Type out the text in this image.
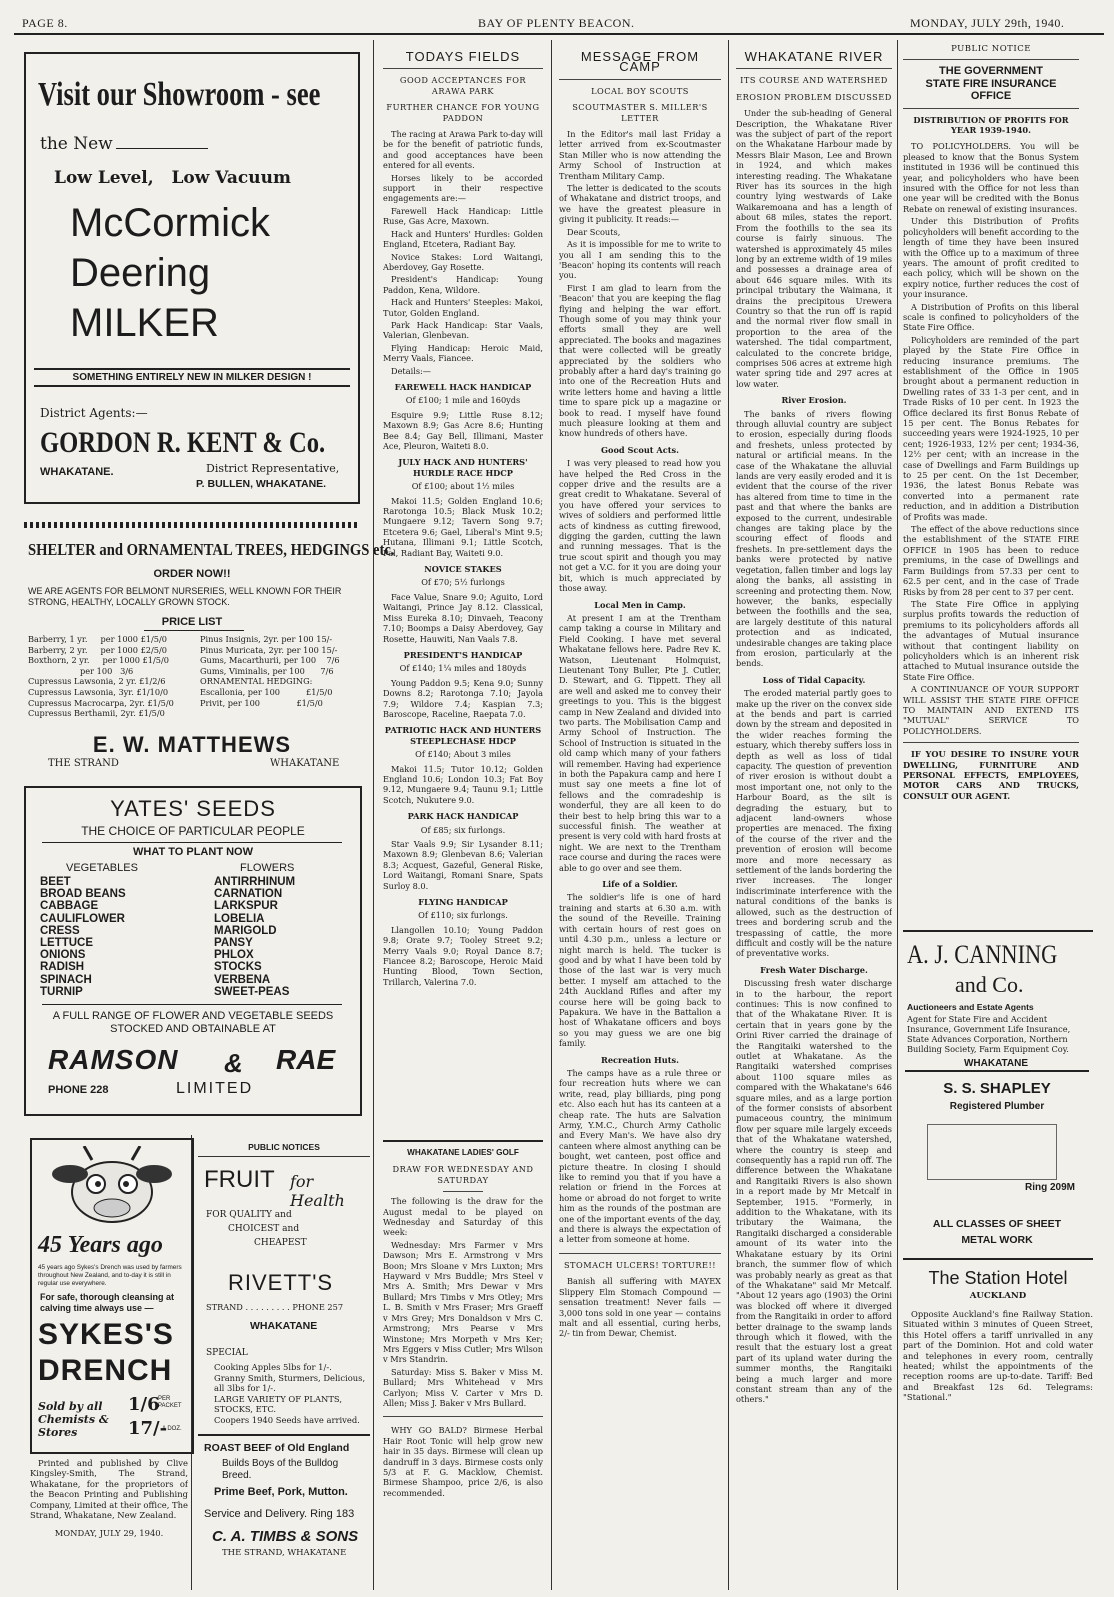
PAGE 8.	BAY OF PLENTY BEACON.	MONDAY, JULY 29th, 1940.
Visit our Showroom - see
the New
Low Level,   Low Vacuum
McCormick
Deering
MILKER
SOMETHING ENTIRELY NEW IN MILKER DESIGN !
District Agents:—
GORDON R. KENT & Co.
WHAKATANE.	District Representative,
P. BULLEN, WHAKATANE.
SHELTER and ORNAMENTAL TREES, HEDGINGS etc.
ORDER NOW!!
WE ARE AGENTS FOR BELMONT NURSERIES, WELL KNOWN FOR THEIR STRONG, HEALTHY, LOCALLY GROWN STOCK.
PRICE LIST
Barberry, 1 yr.     per 1000 £1/5/0
Barberry, 2 yr.     per 1000 £2/5/0
Boxthorn, 2 yr.     per 1000 £1/5/0
per 100   3/6
Cupressus Lawsonia, 2 yr. £1/2/6
Cupressus Lawsonia, 3yr. £1/10/0
Cupressus Macrocarpa, 2yr. £1/5/0
Cupressus Berthamii, 2yr. £1/5/0
Pinus Insignis, 2yr. per 100 15/-
Pinus Muricata, 2yr. per 100 15/-
Gums, Macarthurii, per 100    7/6
Gums, Viminalis, per 100      7/6
ORNAMENTAL HEDGING:
Escallonia, per 100          £1/5/0
Privit, per 100              £1/5/0
E. W. MATTHEWS
THE STRAND	WHAKATANE
YATES' SEEDS
THE CHOICE OF PARTICULAR PEOPLE
WHAT TO PLANT NOW
VEGETABLES	FLOWERS
BEET
BROAD BEANS
CABBAGE
CAULIFLOWER
CRESS
LETTUCE
ONIONS
RADISH
SPINACH
TURNIP
ANTIRRHINUM
CARNATION
LARKSPUR
LOBELIA
MARIGOLD
PANSY
PHLOX
STOCKS
VERBENA
SWEET-PEAS
A FULL RANGE OF FLOWER AND VEGETABLE SEEDS STOCKED AND OBTAINABLE AT
RAMSON & RAE
PHONE 228	LIMITED
45 Years ago
45 years ago Sykes's Drench was used by farmers throughout New Zealand, and to-day it is still in regular use everywhere.
For safe, thorough cleansing at calving time always use —
SYKES'S
DRENCH
Sold by all Chemists & Stores
1/6
PER PACKET
17/-
A DOZ.

Printed and published by Clive Kingsley-Smith, The Strand, Whakatane, for the proprietors of the Beacon Printing and Publishing Company, Limited at their office, The Strand, Whakatane, New Zealand.

MONDAY, JULY 29, 1940.
PUBLIC NOTICES
FRUIT for Health
FOR QUALITY and
CHOICEST and
CHEAPEST
RIVETT'S
STRAND . . . . . . . . . PHONE 257
WHAKATANE
SPECIAL
Cooking Apples 5lbs for 1/-.
Granny Smith, Sturmers, Delicious, all 3lbs for 1/-.
LARGE VARIETY OF PLANTS, STOCKS, ETC.
Coopers 1940 Seeds have arrived.
ROAST BEEF of Old England
Builds Boys of the Bulldog Breed.
Prime Beef, Pork, Mutton.
Service and Delivery. Ring 183
C. A. TIMBS & SONS
THE STRAND, WHAKATANE
TODAYS FIELDS
GOOD ACCEPTANCES FOR ARAWA PARK
FURTHER CHANCE FOR YOUNG PADDON

The racing at Arawa Park to-day will be for the benefit of patriotic funds, and good acceptances have been entered for all events.

Horses likely to be accorded support in their respective engagements are:—

Farewell Hack Handicap: Little Ruse, Gas Acre, Maxown.

Hack and Hunters' Hurdles: Golden England, Etcetera, Radiant Bay.

Novice Stakes: Lord Waitangi, Aberdovey, Gay Rosette.

President's Handicap: Young Paddon, Kena, Wildore.

Hack and Hunters' Steeples: Makoi, Tutor, Golden England.

Park Hack Handicap: Star Vaals, Valerian, Glenbevan.

Flying Handicap: Heroic Maid, Merry Vaals, Fiancee.

Details:—

FAREWELL HACK HANDICAP

Of £100; 1 mile and 160yds

Esquire 9.9; Little Ruse 8.12; Maxown 8.9; Gas Acre 8.6; Hunting Bee 8.4; Gay Bell, Illimani, Master Ace, Pleuron, Waiteti 8.0.

JULY HACK AND HUNTERS' HURDLE RACE HDCP

Of £100; about 1½ miles

Makoi 11.5; Golden England 10.6; Rarotonga 10.5; Black Musk 10.2; Mungaere 9.12; Tavern Song 9.7; Etcetera 9.6; Gael, Liberal's Mint 9.5; Hutana, Illimani 9.1; Little Scotch, Pal, Radiant Bay, Waiteti 9.0.

NOVICE STAKES

Of £70; 5½ furlongs

Face Value, Snare 9.0; Aguito, Lord Waitangi, Prince Jay 8.12. Classical, Miss Eureka 8.10; Dinvaeh, Teacony 7.10; Boomps a Daisy Aberdovey, Gay Rosette, Hauwiti, Nan Vaals 7.8.

PRESIDENT'S HANDICAP

Of £140; 1¼ miles and 180yds

Young Paddon 9.5; Kena 9.0; Sunny Downs 8.2; Rarotonga 7.10; Jayola 7.9; Wildore 7.4; Kaspian 7.3; Baroscope, Raceline, Raepata 7.0.

PATRIOTIC HACK AND HUNTERS STEEPLECHASE HDCP

Of £140; About 3 miles

Makoi 11.5; Tutor 10.12; Golden England 10.6; London 10.3; Fat Boy 9.12, Mungaere 9.4; Taunu 9.1; Little Scotch, Nukutere 9.0.

PARK HACK HANDICAP

Of £85; six furlongs.

Star Vaals 9.9; Sir Lysander 8.11; Maxown 8.9; Glenbevan 8.6; Valerian 8.3; Acquest, Gazeful, General Riske, Lord Waitangi, Romani Snare, Spats Surloy 8.0.

FLYING HANDICAP

Of £110; six furlongs.

Llangollen 10.10; Young Paddon 9.8; Orate 9.7; Tooley Street 9.2; Merry Vaals 9.0; Royal Dance 8.7; Fiancee 8.2; Baroscope, Heroic Maid Hunting Blood, Town Section, Trillarch, Valerina 7.0.

WHAKATANE LADIES' GOLF
DRAW FOR WEDNESDAY AND SATURDAY

The following is the draw for the August medal to be played on Wednesday and Saturday of this week:

Wednesday: Mrs Farmer v Mrs Dawson; Mrs E. Armstrong v Mrs Boon; Mrs Sloane v Mrs Luxton; Mrs Hayward v Mrs Buddle; Mrs Steel v Mrs A. Smith; Mrs Dewar v Mrs Bullard; Mrs Timbs v Mrs Otley; Mrs L. B. Smith v Mrs Fraser; Mrs Graeff v Mrs Grey; Mrs Donaldson v Mrs C. Armstrong; Mrs Pearse v Mrs Winstone; Mrs Morpeth v Mrs Ker; Mrs Eggers v Miss Cutler; Mrs Wilson v Mrs Standrin.

Saturday: Miss S. Baker v Miss M. Bullard; Mrs Whitehead v Mrs Carlyon; Miss V. Carter v Mrs D. Allen; Miss J. Baker v Mrs Bullard.

WHY GO BALD? Birmese Herbal Hair Root Tonic will help grow new hair in 35 days. Birmese will clean up dandruff in 3 days. Birmese costs only 5/3 at F. G. Macklow, Chemist. Birmese Shampoo, price 2/6, is also recommended.

MESSAGE FROM CAMP
LOCAL BOY SCOUTS
SCOUTMASTER S. MILLER'S LETTER

In the Editor's mail last Friday a letter arrived from ex-Scoutmaster Stan Miller who is now attending the Army School of Instruction at Trentham Military Camp.

The letter is dedicated to the scouts of Whakatane and district troops, and we have the greatest pleasure in giving it publicity. It reads:—

Dear Scouts,

As it is impossible for me to write to you all I am sending this to the 'Beacon' hoping its contents will reach you.

First I am glad to learn from the 'Beacon' that you are keeping the flag flying and helping the war effort. Though some of you may think your efforts small they are well appreciated. The books and magazines that were collected will be greatly appreciated by the soldiers who probably after a hard day's training go into one of the Recreation Huts and write letters home and having a little time to spare pick up a magazine or book to read. I myself have found much pleasure looking at them and know hundreds of others have.

Good Scout Acts.

I was very pleased to read how you have helped the Red Cross in the copper drive and the results are a great credit to Whakatane. Several of you have offered your services to wives of soldiers and performed little acts of kindness as cutting firewood, digging the garden, cutting the lawn and running messages. That is the true scout spirit and though you may not get a V.C. for it you are doing your bit, which is much appreciated by those away.

Local Men in Camp.

At present I am at the Trentham camp taking a course in Military and Field Cooking. I have met several Whakatane fellows here. Padre Rev K. Watson, Lieutenant Holmquist, Lieutenant Tony Buller, Pte J. Cutler, D. Stewart, and G. Tippett. They all are well and asked me to convey their greetings to you. This is the biggest camp in New Zealand and divided into two parts. The Mobilisation Camp and Army School of Instruction. The School of Instruction is situated in the old camp which many of your fathers will remember. Having had experience in both the Papakura camp and here I must say one meets a fine lot of fellows and the comradeship is wonderful, they are all keen to do their best to help bring this war to a successful finish. The weather at present is very cold with hard frosts at night. We are next to the Trentham race course and during the races were able to go over and see them.

Life of a Soldier.

The soldier's life is one of hard training and starts at 6.30 a.m. with the sound of the Reveille. Training with certain hours of rest goes on until 4.30 p.m., unless a lecture or night march is held. The tucker is good and by what I have been told by those of the last war is very much better. I myself am attached to the 24th Auckland Rifles and after my course here will be going back to Papakura. We have in the Battalion a host of Whakatane officers and boys so you may guess we are one big family.

Recreation Huts.

The camps have as a rule three or four recreation huts where we can write, read, play billiards, ping pong etc. Also each hut has its canteen at a cheap rate. The huts are Salvation Army, Y.M.C., Church Army Catholic and Every Man's. We have also dry canteen where almost anything can be bought, wet canteen, post office and picture theatre. In closing I should like to remind you that if you have a relation or friend in the Forces at home or abroad do not forget to write him as the rounds of the postman are one of the important events of the day, and there is always the expectation of a letter from someone at home.

STOMACH ULCERS! TORTURE!!

Banish all suffering with MAYEX Slippery Elm Stomach Compound — sensation treatment! Never fails — 3,000 tons sold in one year — contains malt and all essential, curing herbs, 2/- tin from Dewar, Chemist.

WHAKATANE RIVER
ITS COURSE AND WATERSHED
EROSION PROBLEM DISCUSSED

Under the sub-heading of General Description, the Whakatane River was the subject of part of the report on the Whakatane Harbour made by Messrs Blair Mason, Lee and Brown in 1924, and which makes interesting reading. The Whakatane River has its sources in the high country lying westwards of Lake Waikaremoana and has a length of about 68 miles, states the report. From the foothills to the sea its course is fairly sinuous. The watershed is approximately 45 miles long by an extreme width of 19 miles and possesses a drainage area of about 646 square miles. With its principal tributary the Waimana, it drains the precipitous Urewera Country so that the run off is rapid and the normal river flow small in proportion to the area of the watershed. The tidal compartment, calculated to the concrete bridge, comprises 506 acres at extreme high water spring tide and 297 acres at low water.

River Erosion.

The banks of rivers flowing through alluvial country are subject to erosion, especially during floods and freshets, unless protected by natural or artificial means. In the case of the Whakatane the alluvial lands are very easily eroded and it is evident that the course of the river has altered from time to time in the past and that where the banks are exposed to the current, undesirable changes are taking place by the scouring effect of floods and freshets. In pre-settlement days the banks were protected by native vegetation, fallen timber and logs lay along the banks, all assisting in screening and protecting them. Now, however, the banks, especially between the foothills and the sea, are largely destitute of this natural protection and as indicated, undesirable changes are taking place from erosion, particularly at the bends.

Loss of Tidal Capacity.

The eroded material partly goes to make up the river on the convex side at the bends and part is carried down by the stream and deposited in the wider reaches forming the estuary, which thereby suffers loss in depth as well as loss of tidal capacity. The question of prevention of river erosion is without doubt a most important one, not only to the Harbour Board, as the silt is degrading the estuary, but to adjacent land-owners whose properties are menaced. The fixing of the course of the river and the prevention of erosion will become more and more necessary as settlement of the lands bordering the river increases. The longer indiscriminate interference with the natural conditions of the banks is allowed, such as the destruction of trees and bordering scrub and the trespassing of cattle, the more difficult and costly will be the nature of preventative works.

Fresh Water Discharge.

Discussing fresh water discharge in to the harbour, the report continues: This is now confined to that of the Whakatane River. It is certain that in years gone by the Orini River carried the drainage of the Rangitaiki watershed to the outlet at Whakatane. As the Rangitaiki watershed comprises about 1100 square miles as compared with the Whakatane's 646 square miles, and as a large portion of the former consists of absorbent pumaceous country, the minimum flow per square mile largely exceeds that of the Whakatane watershed, where the country is steep and consequently has a rapid run off. The difference between the Whakatane and Rangitaiki Rivers is also shown in a report made by Mr Metcalf in September, 1915. "Formerly, in addition to the Whakatane, with its tributary the Waimana, the Rangitaiki discharged a considerable amount of its water into the Whakatane estuary by its Orini branch, the summer flow of which was probably nearly as great as that of the Whakatane" said Mr Metcalf. "About 12 years ago (1903) the Orini was blocked off where it diverged from the Rangitaiki in order to afford better drainage to the swamp lands through which it flowed, with the result that the estuary lost a great part of its upland water during the summer months, the Rangitaiki being a much larger and more constant stream than any of the others."

PUBLIC NOTICE
THE GOVERNMENT
STATE FIRE INSURANCE
OFFICE
DISTRIBUTION OF PROFITS FOR YEAR 1939-1940.

TO POLICYHOLDERS. You will be pleased to know that the Bonus System instituted in 1936 will be continued this year, and policyholders who have been insured with the Office for not less than one year will be credited with the Bonus Rebate on renewal of existing insurances.

Under this Distribution of Profits policyholders will benefit according to the length of time they have been insured with the Office up to a maximum of three years. The amount of profit credited to each policy, which will be shown on the expiry notice, further reduces the cost of your insurance.

A Distribution of Profits on this liberal scale is confined to policyholders of the State Fire Office.

Policyholders are reminded of the part played by the State Fire Office in reducing insurance premiums. The establishment of the Office in 1905 brought about a permanent reduction in Dwelling rates of 33 1-3 per cent, and in Trade Risks of 10 per cent. In 1923 the Office declared its first Bonus Rebate of 15 per cent. The Bonus Rebates for succeeding years were 1924-1925, 10 per cent; 1926-1933, 12½ per cent; 1934-36, 12½ per cent; with an increase in the case of Dwellings and Farm Buildings up to 25 per cent. On the 1st December, 1936, the latest Bonus Rebate was converted into a permanent rate reduction, and in addition a Distribution of Profits was made.

The effect of the above reductions since the establishment of the STATE FIRE OFFICE in 1905 has been to reduce premiums, in the case of Dwellings and Farm Buildings from 57.33 per cent to 62.5 per cent, and in the case of Trade Risks by from 28 per cent to 37 per cent.

The State Fire Office in applying surplus profits towards the reduction of premiums to its policyholders affords all the advantages of Mutual insurance without that contingent liability on policyholders which is an inherent risk attached to Mutual insurance outside the State Fire Office.

A CONTINUANCE OF YOUR SUPPORT WILL ASSIST THE STATE FIRE OFFICE TO MAINTAIN AND EXTEND ITS "MUTUAL" SERVICE TO POLICYHOLDERS.

IF YOU DESIRE TO INSURE YOUR DWELLING, FURNITURE AND PERSONAL EFFECTS, EMPLOYEES, MOTOR CARS AND TRUCKS, CONSULT OUR AGENT.

A. J. CANNING
and Co.
Auctioneers and Estate Agents
Agent for State Fire and Accident Insurance, Government Life Insurance, State Advances Corporation, Northern Building Society, Farm Equipment Coy.
WHAKATANE
S. S. SHAPLEY
Registered Plumber
Ring 209M
ALL CLASSES OF SHEET
METAL WORK
The Station Hotel
AUCKLAND

Opposite Auckland's fine Railway Station. Situated within 3 minutes of Queen Street, this Hotel offers a tariff unrivalled in any part of the Dominion. Hot and cold water and telephones in every room, centrally heated; whilst the appointments of the reception rooms are up-to-date. Tariff: Bed and Breakfast 12s 6d. Telegrams: "Stational."
